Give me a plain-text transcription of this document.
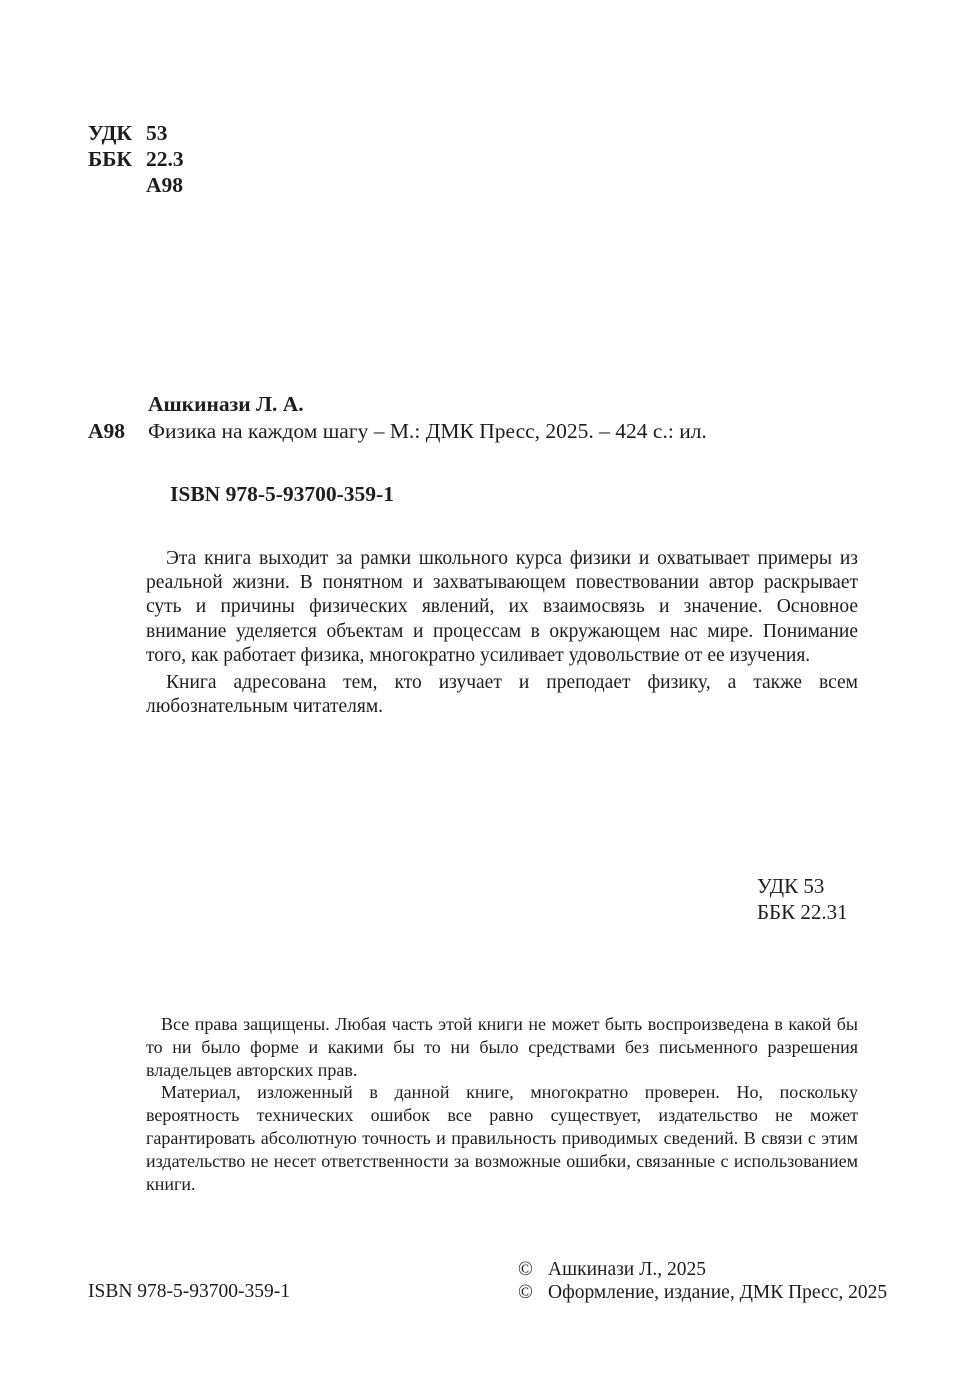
УДК 53
ББК 22.3
А98
Ашкинази Л. А.
А98	Физика на каждом шагу – М.: ДМК Пресс, 2025. – 424 с.: ил.
ISBN 978-5-93700-359-1

Эта книга выходит за рамки школьного курса физики и охватывает примеры из реальной жизни. В понятном и захватывающем повествовании автор раскрывает суть и причины физических явлений, их взаимосвязь и значение. Основное внимание уделяется объектам и процессам в окружающем нас мире. Понимание того, как работает физика, многократно усиливает удовольствие от ее изучения.

Книга адресована тем, кто изучает и преподает физику, а также всем любознательным читателям.

УДК 53
ББК 22.31

Все права защищены. Любая часть этой книги не может быть воспроизведена в какой бы то ни было форме и какими бы то ни было средствами без письменного разрешения владельцев авторских прав.

Материал, изложенный в данной книге, многократно проверен. Но, поскольку вероятность технических ошибок все равно существует, издательство не может гарантировать абсолютную точность и правильность приводимых сведений. В связи с этим издательство не несет ответственности за возможные ошибки, связанные с использованием книги.

ISBN 978-5-93700-359-1
© Ашкинази Л., 2025
© Оформление, издание, ДМК Пресс, 2025
